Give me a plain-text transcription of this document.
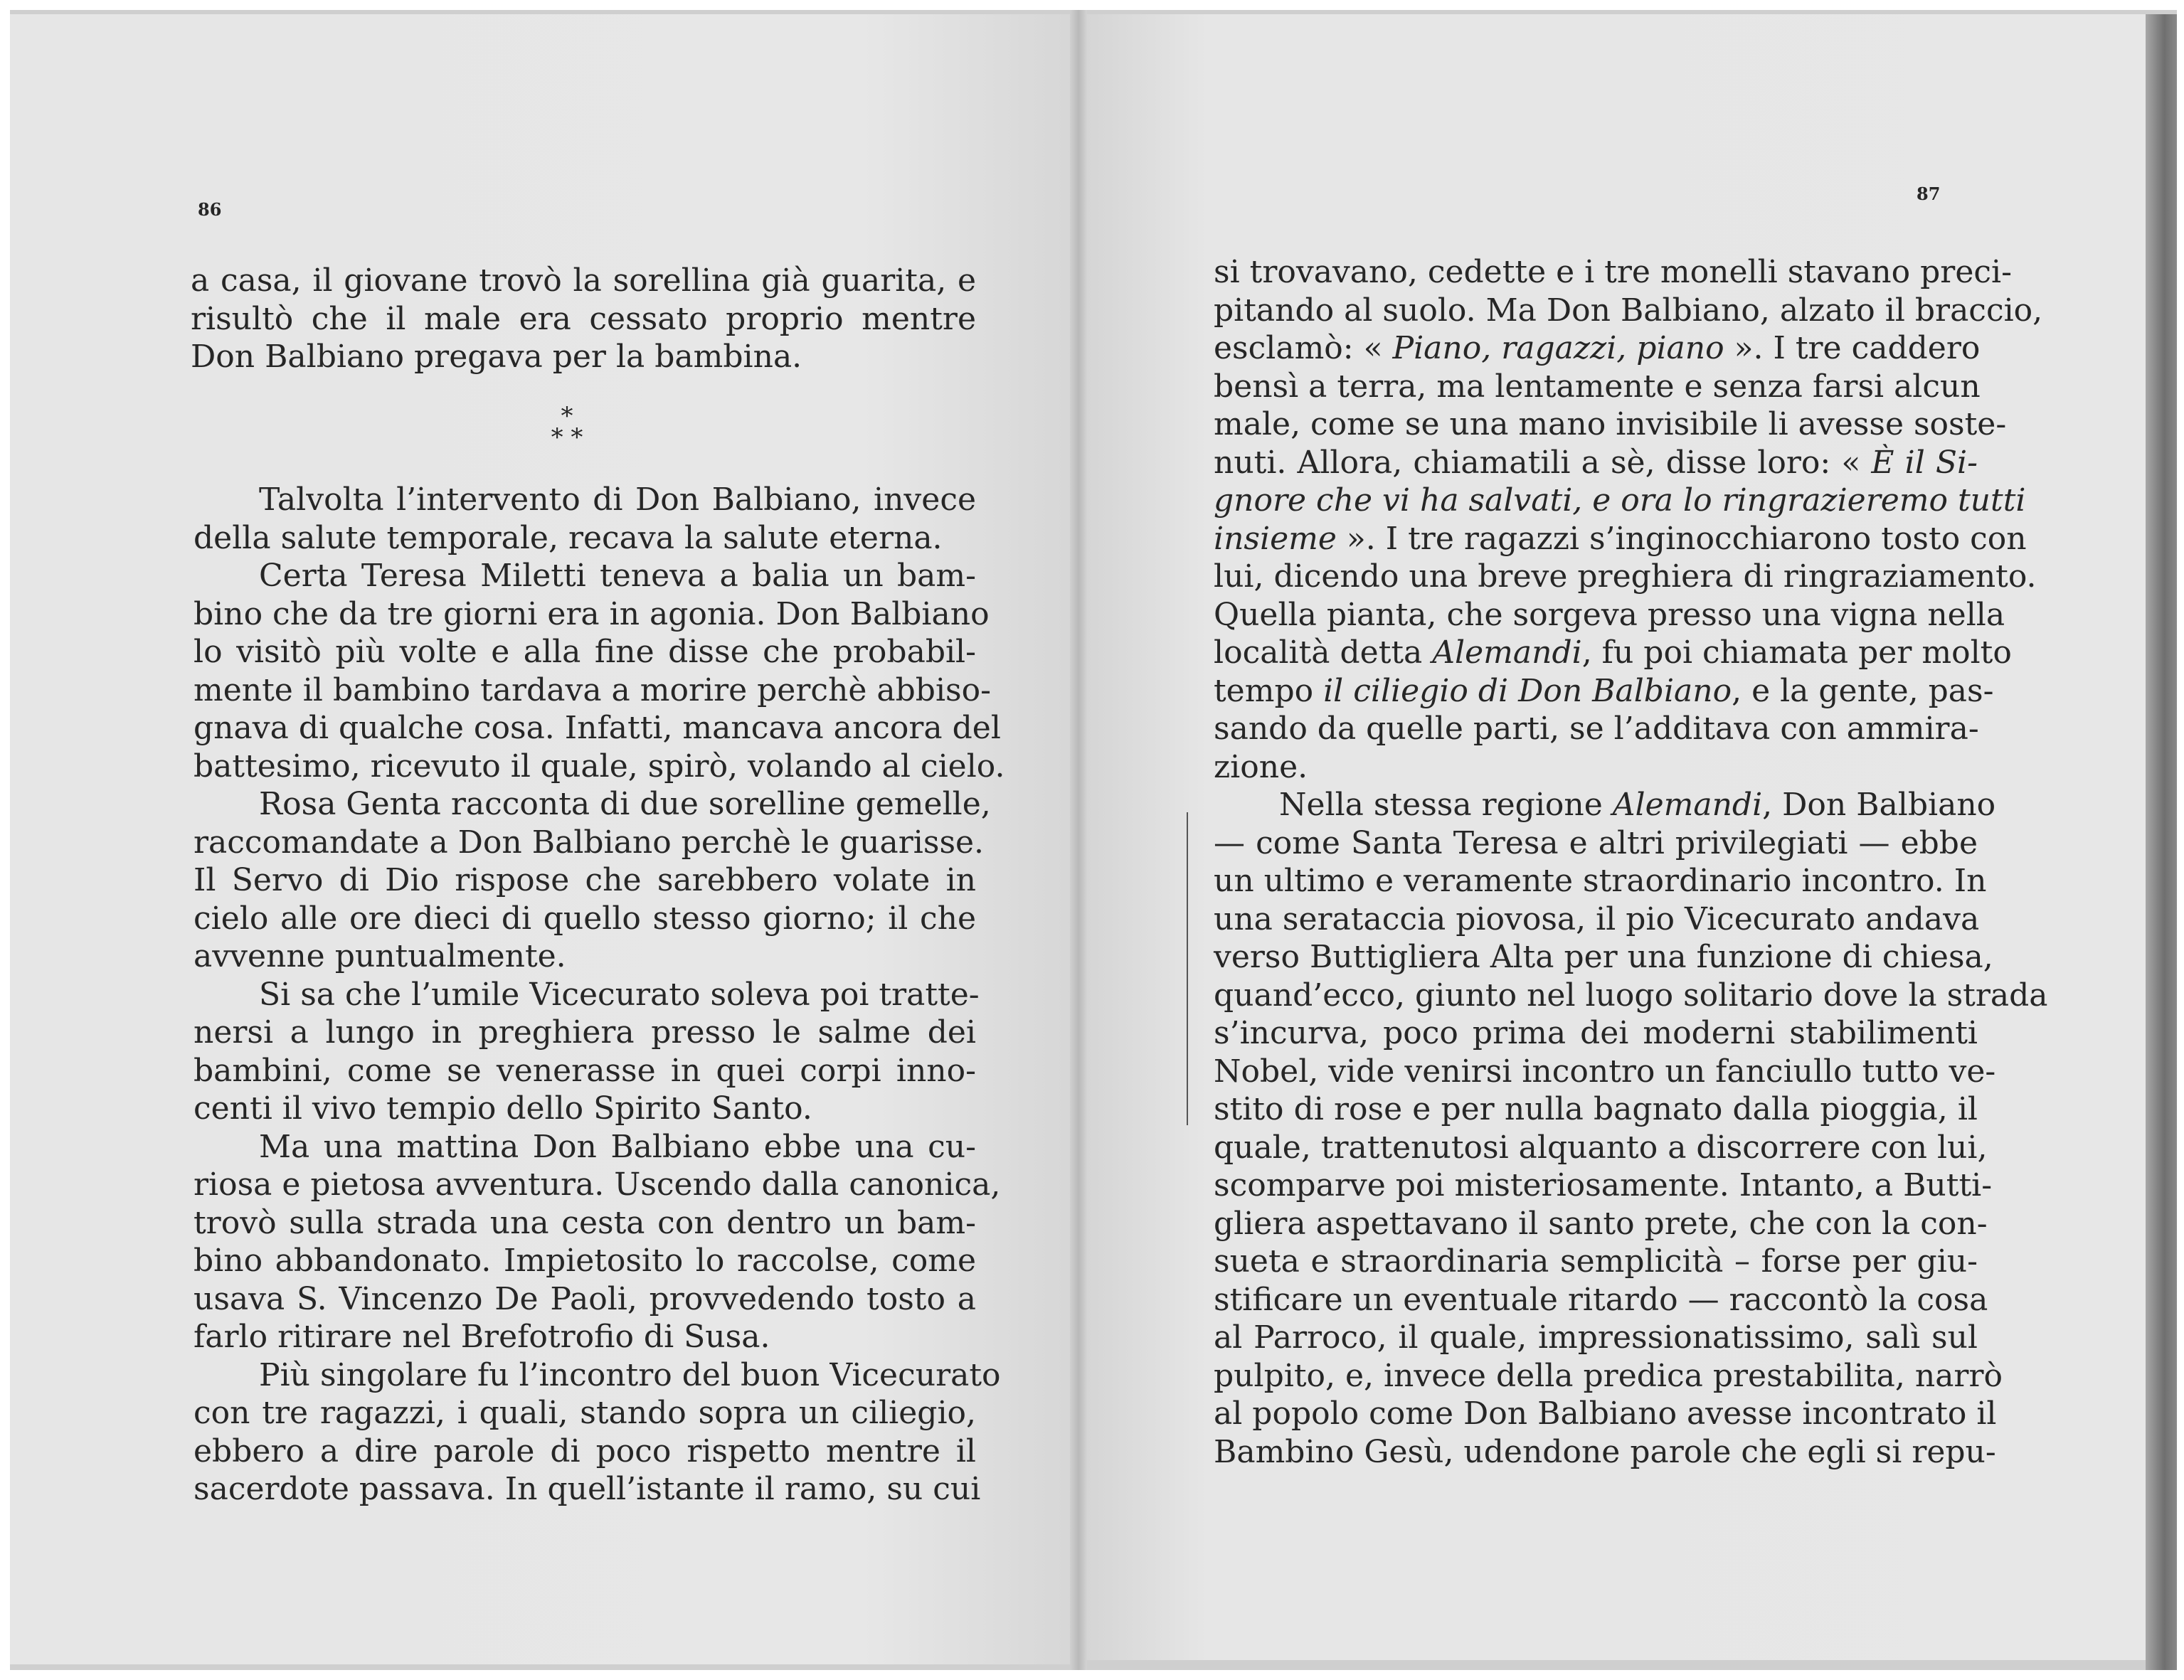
86
a casa, il giovane trovò la sorellina già guarita, e
risultò che il male era cessato proprio mentre
Don Balbiano pregava per la bambina.
*
* *
Talvolta l’intervento di Don Balbiano, invece
della salute temporale, recava la salute eterna.
Certa Teresa Miletti teneva a balia un bam-
bino che da tre giorni era in agonia. Don Balbiano
lo visitò più volte e alla fine disse che probabil-
mente il bambino tardava a morire perchè abbiso-
gnava di qualche cosa. Infatti, mancava ancora del
battesimo, ricevuto il quale, spirò, volando al cielo.
Rosa Genta racconta di due sorelline gemelle,
raccomandate a Don Balbiano perchè le guarisse.
Il Servo di Dio rispose che sarebbero volate in
cielo alle ore dieci di quello stesso giorno; il che
avvenne puntualmente.
Si sa che l’umile Vicecurato soleva poi tratte-
nersi a lungo in preghiera presso le salme dei
bambini, come se venerasse in quei corpi inno-
centi il vivo tempio dello Spirito Santo.
Ma una mattina Don Balbiano ebbe una cu-
riosa e pietosa avventura. Uscendo dalla canonica,
trovò sulla strada una cesta con dentro un bam-
bino abbandonato. Impietosito lo raccolse, come
usava S. Vincenzo De Paoli, provvedendo tosto a
farlo ritirare nel Brefotrofio di Susa.
Più singolare fu l’incontro del buon Vicecurato
con tre ragazzi, i quali, stando sopra un ciliegio,
ebbero a dire parole di poco rispetto mentre il
sacerdote passava. In quell’istante il ramo, su cui
87
si trovavano, cedette e i tre monelli stavano preci-
pitando al suolo. Ma Don Balbiano, alzato il braccio,
esclamò: « Piano, ragazzi, piano ». I tre caddero
bensì a terra, ma lentamente e senza farsi alcun
male, come se una mano invisibile li avesse soste-
nuti. Allora, chiamatili a sè, disse loro: « È il Si-
gnore che vi ha salvati, e ora lo ringrazieremo tutti
insieme ». I tre ragazzi s’inginocchiarono tosto con
lui, dicendo una breve preghiera di ringraziamento.
Quella pianta, che sorgeva presso una vigna nella
località detta Alemandi, fu poi chiamata per molto
tempo il ciliegio di Don Balbiano, e la gente, pas-
sando da quelle parti, se l’additava con ammira-
zione.
Nella stessa regione Alemandi, Don Balbiano
— come Santa Teresa e altri privilegiati — ebbe
un ultimo e veramente straordinario incontro. In
una serataccia piovosa, il pio Vicecurato andava
verso Buttigliera Alta per una funzione di chiesa,
quand’ecco, giunto nel luogo solitario dove la strada
s’incurva, poco prima dei moderni stabilimenti
Nobel, vide venirsi incontro un fanciullo tutto ve-
stito di rose e per nulla bagnato dalla pioggia, il
quale, trattenutosi alquanto a discorrere con lui,
scomparve poi misteriosamente. Intanto, a Butti-
gliera aspettavano il santo prete, che con la con-
sueta e straordinaria semplicità – forse per giu-
stificare un eventuale ritardo — raccontò la cosa
al Parroco, il quale, impressionatissimo, salì sul
pulpito, e, invece della predica prestabilita, narrò
al popolo come Don Balbiano avesse incontrato il
Bambino Gesù, udendone parole che egli si repu-
